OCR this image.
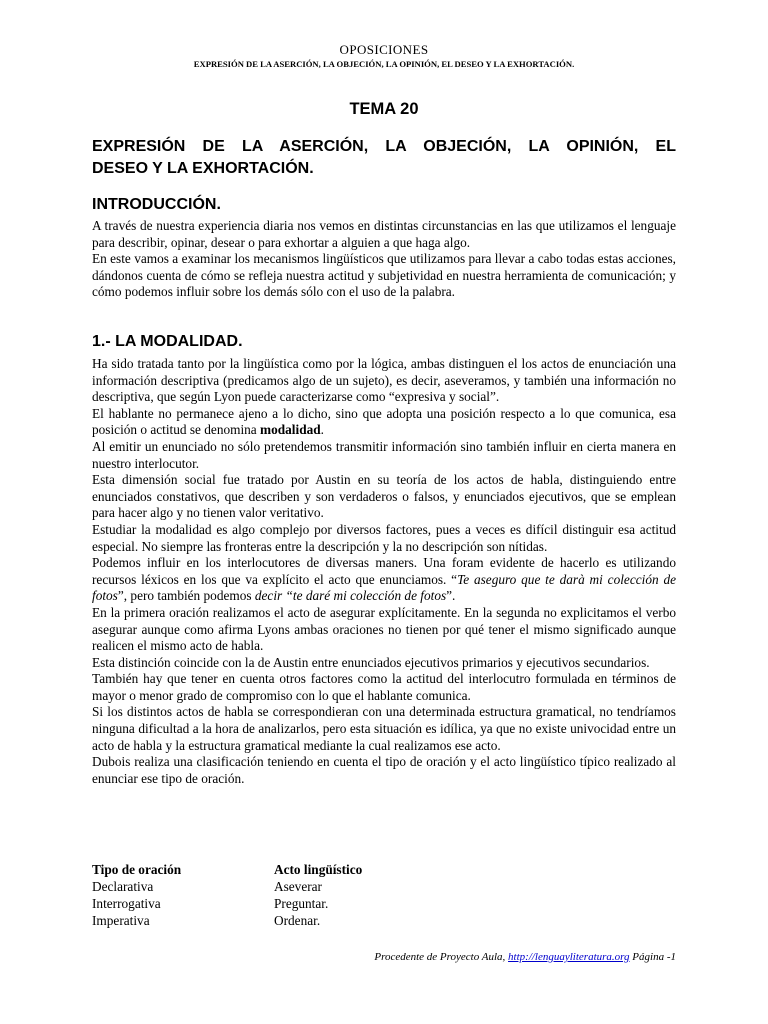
OPOSICIONES
EXPRESIÓN DE LA ASERCIÓN, LA OBJECIÓN, LA OPINIÓN, EL DESEO Y LA EXHORTACIÓN.
TEMA 20
EXPRESIÓN DE LA ASERCIÓN, LA OBJECIÓN, LA OPINIÓN, EL
DESEO Y LA EXHORTACIÓN.
INTRODUCCIÓN.

A través de nuestra experiencia diaria nos vemos en distintas circunstancias en las que utilizamos el lenguaje para describir, opinar, desear o para exhortar a alguien a que haga algo.

En este vamos a examinar los mecanismos lingüísticos que utilizamos para llevar a cabo todas estas acciones, dándonos cuenta de cómo se refleja nuestra actitud y subjetividad en nuestra herramienta de comunicación; y cómo podemos influir sobre los demás sólo con el uso de la palabra.

1.- LA MODALIDAD.

Ha sido tratada tanto por la lingüística como por la lógica, ambas distinguen el los actos de enunciación una información descriptiva (predicamos algo de un sujeto), es decir, aseveramos, y también una información no descriptiva, que según Lyon puede caracterizarse como “expresiva y social”.

El hablante no permanece ajeno a lo dicho, sino que adopta una posición respecto a lo que comunica, esa posición o actitud se denomina modalidad.

Al emitir un enunciado no sólo pretendemos transmitir información sino también influir en cierta manera en nuestro interlocutor.

Esta dimensión social fue tratado por Austin en su teoría de los actos de habla, distinguiendo entre enunciados constativos, que describen y son verdaderos o falsos, y enunciados ejecutivos, que se emplean para hacer algo y no tienen valor veritativo.

Estudiar la modalidad es algo complejo por diversos factores, pues a veces es difícil distinguir esa actitud especial. No siempre las fronteras entre la descripción y la no descripción son nítidas.

Podemos influir en los interlocutores de diversas maners. Una foram evidente de hacerlo es utilizando recursos léxicos en los que va explícito el acto que enunciamos. “Te aseguro que te darà mi colección de fotos”, pero también podemos decir “te daré mi colección de fotos”.

En la primera oración realizamos el acto de asegurar explícitamente. En la segunda no explicitamos el verbo asegurar aunque como afirma Lyons ambas oraciones no tienen por qué tener el mismo significado aunque realicen el mismo acto de habla.

Esta distinción coincide con la de Austin entre enunciados ejecutivos primarios y ejecutivos secundarios.

También hay que tener en cuenta otros factores como la actitud del interlocutro formulada en términos de mayor o menor grado de compromiso con lo que el hablante comunica.

Si los distintos actos de habla se correspondieran con una determinada estructura gramatical, no tendríamos ninguna dificultad a la hora de analizarlos, pero esta situación es idílica, ya que no existe univocidad entre un acto de habla y la estructura gramatical mediante la cual realizamos ese acto.

Dubois realiza una clasificación teniendo en cuenta el tipo de oración y el acto lingüístico típico realizado al enunciar ese tipo de oración.

Tipo de oración	Acto lingüístico
Declarativa	Aseverar
Interrogativa	Preguntar.
Imperativa	Ordenar.
Procedente de Proyecto Aula, http://lenguayliteratura.org Página -1
